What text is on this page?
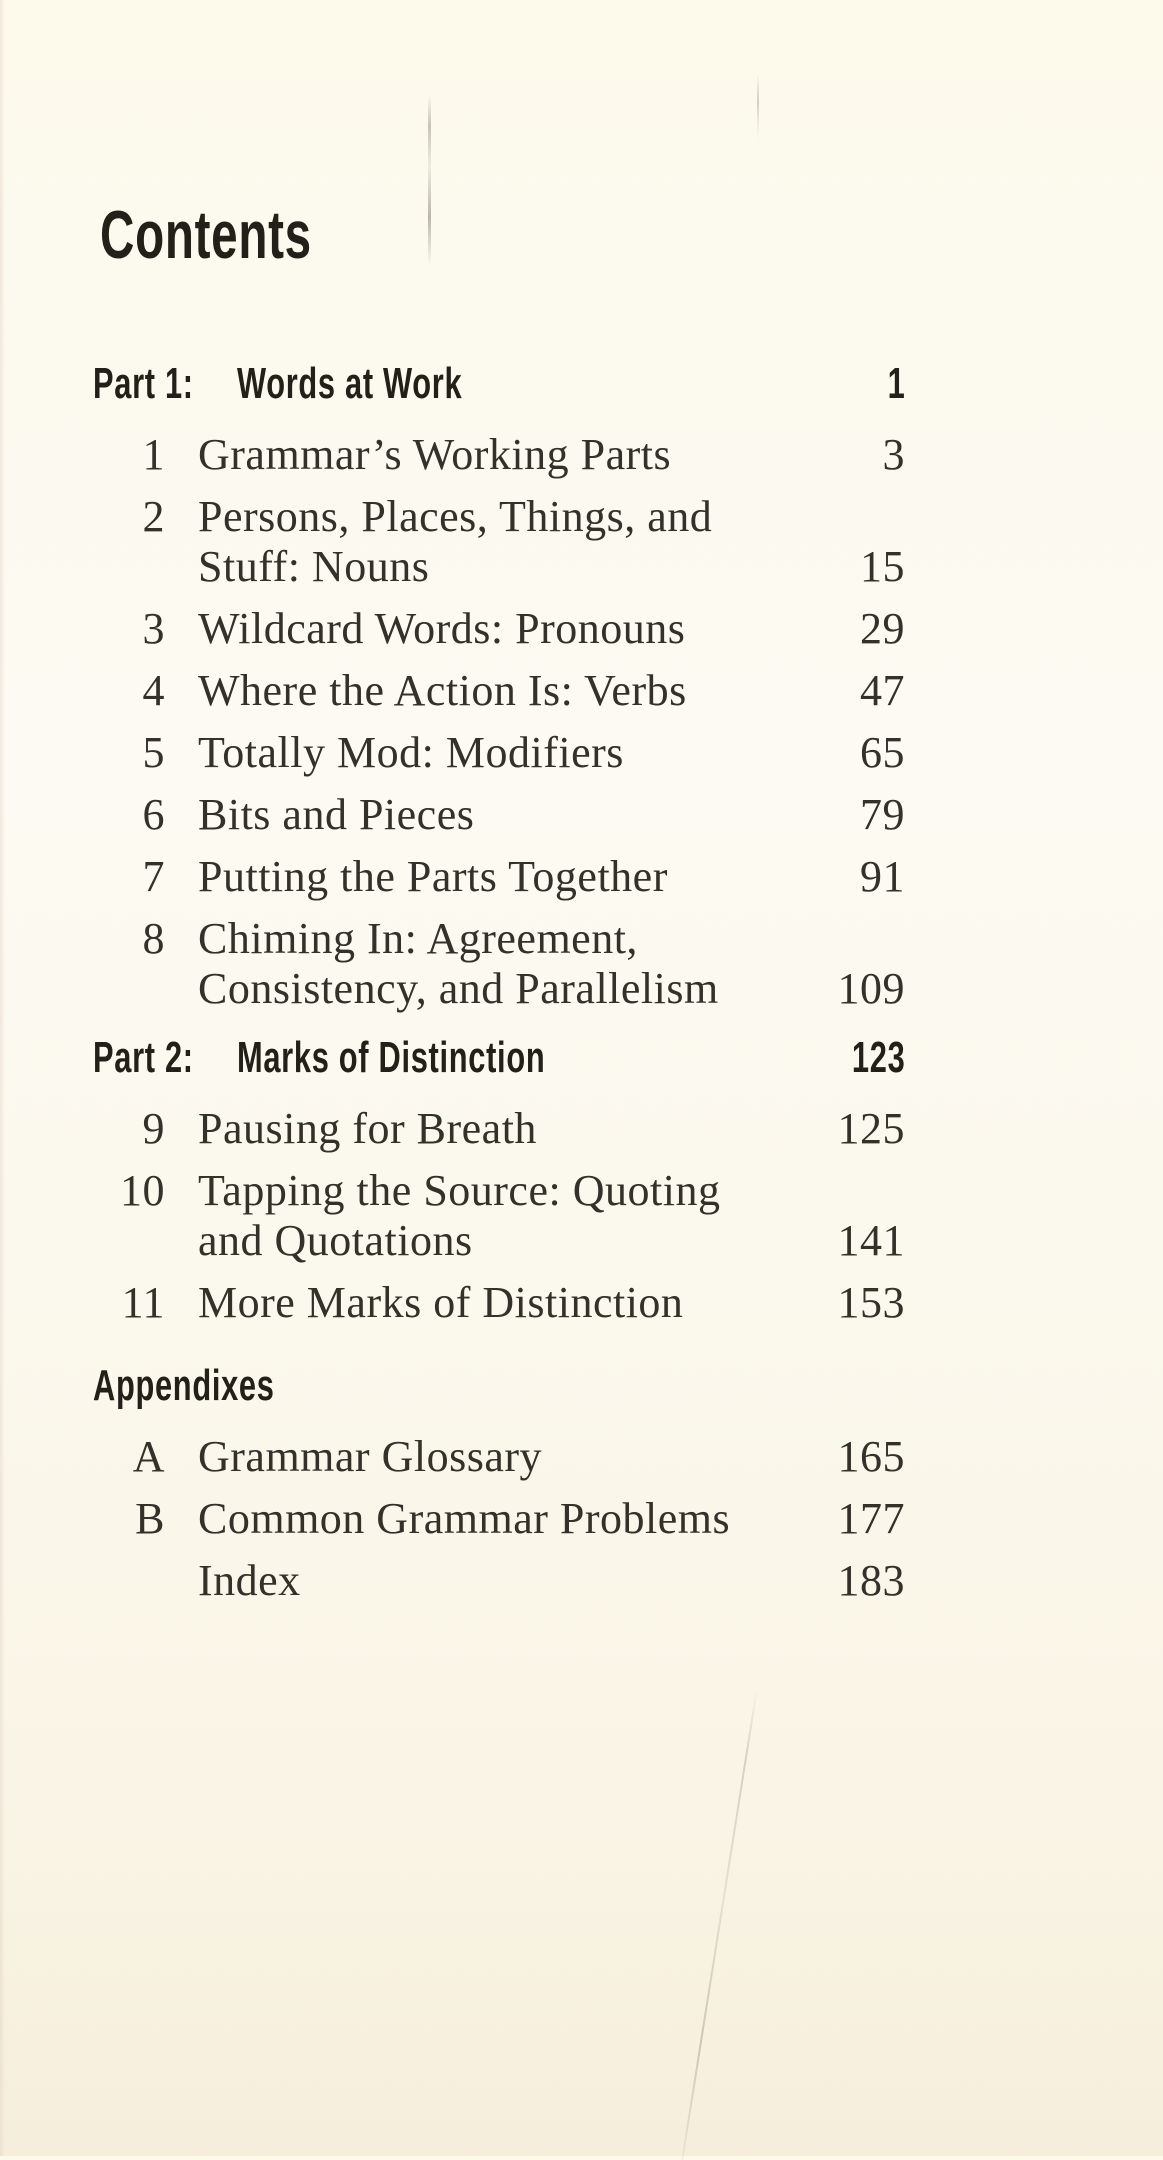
Contents
Part 1: Words at Work	1
1 Grammar’s Working Parts	3
2 Persons, Places, Things, and
Stuff: Nouns	15
3 Wildcard Words: Pronouns	29
4 Where the Action Is: Verbs	47
5 Totally Mod: Modifiers	65
6 Bits and Pieces	79
7 Putting the Parts Together	91
8 Chiming In: Agreement,
Consistency, and Parallelism	109
Part 2: Marks of Distinction	123
9 Pausing for Breath	125
10 Tapping the Source: Quoting
and Quotations	141
11 More Marks of Distinction	153
Appendixes
A Grammar Glossary	165
B Common Grammar Problems 177
Index	183
